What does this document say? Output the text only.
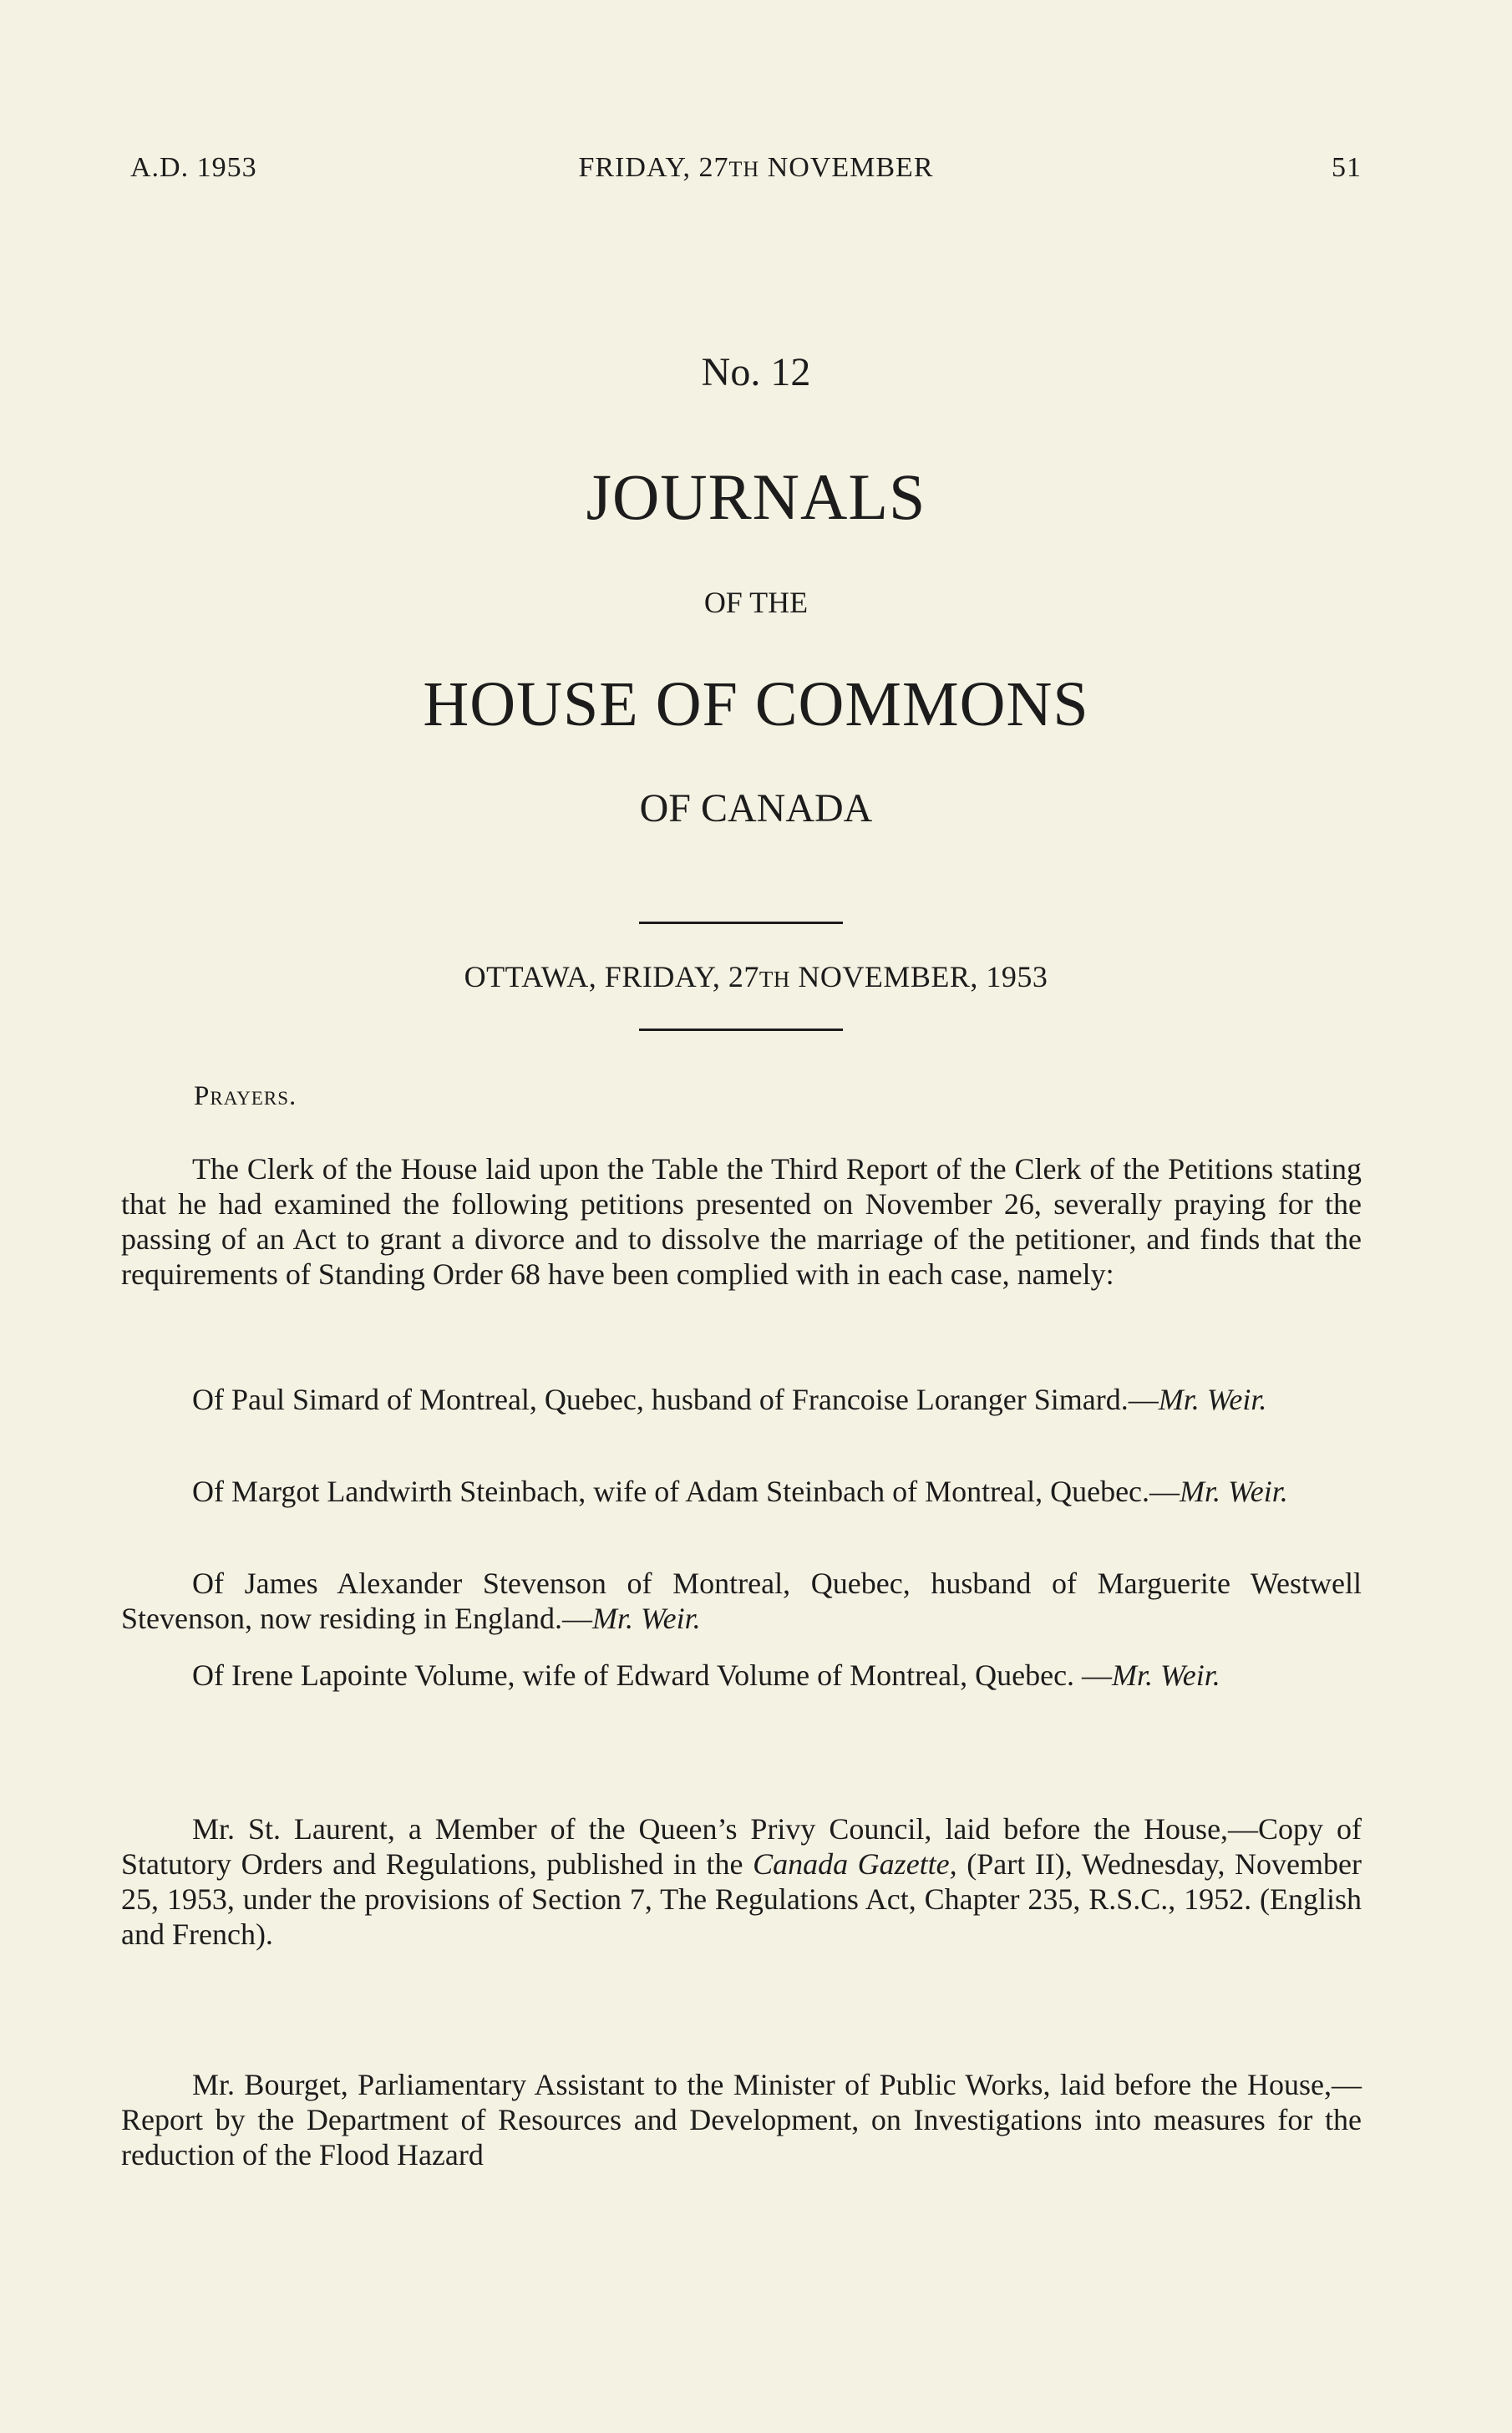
A.D. 1953	FRIDAY, 27TH NOVEMBER	51
No. 12
JOURNALS
OF THE
HOUSE OF COMMONS
OF CANADA
OTTAWA, FRIDAY, 27TH NOVEMBER, 1953
Prayers.

The Clerk of the House laid upon the Table the Third Report of the Clerk of the Petitions stating that he had examined the following petitions presented on November 26, severally praying for the passing of an Act to grant a divorce and to dissolve the marriage of the petitioner, and finds that the requirements of Standing Order 68 have been complied with in each case, namely:

Of Paul Simard of Montreal, Quebec, husband of Francoise Loranger Simard.—Mr. Weir.

Of Margot Landwirth Steinbach, wife of Adam Steinbach of Montreal, Quebec.—Mr. Weir.

Of James Alexander Stevenson of Montreal, Quebec, husband of Marguerite Westwell Stevenson, now residing in England.—Mr. Weir.

Of Irene Lapointe Volume, wife of Edward Volume of Montreal, Quebec. —Mr. Weir.

Mr. St. Laurent, a Member of the Queen’s Privy Council, laid before the House,—Copy of Statutory Orders and Regulations, published in the Canada Gazette, (Part II), Wednesday, November 25, 1953, under the provisions of Section 7, The Regulations Act, Chapter 235, R.S.C., 1952. (English and French).

Mr. Bourget, Parliamentary Assistant to the Minister of Public Works, laid before the House,—Report by the Department of Resources and Development, on Investigations into measures for the reduction of the Flood Hazard
